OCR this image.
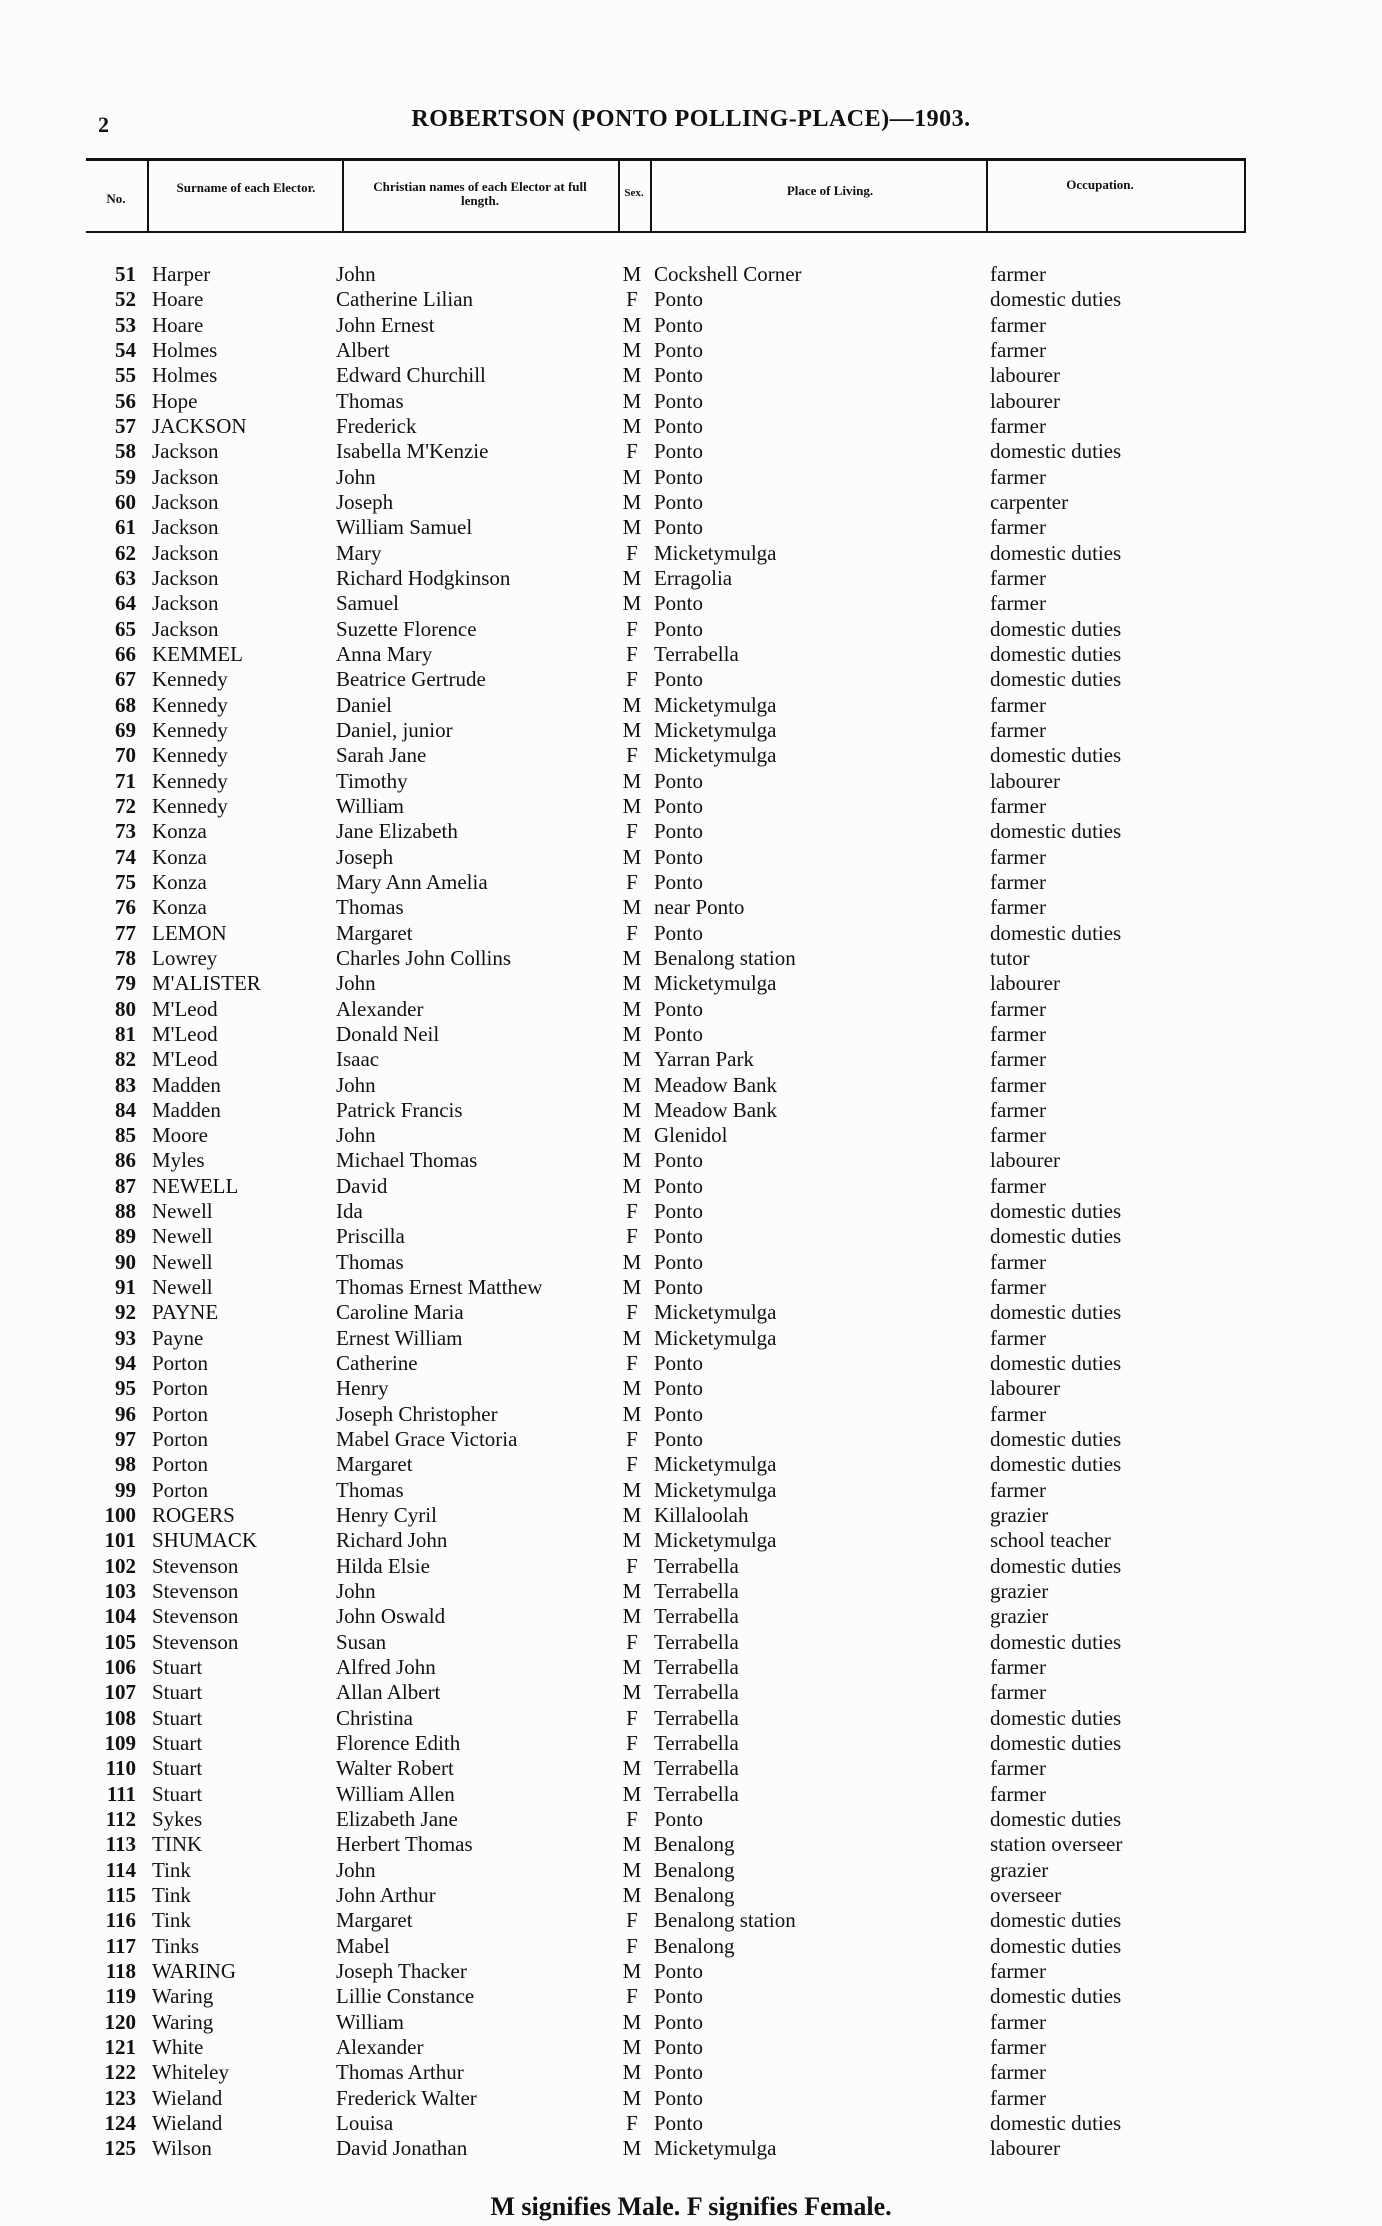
2	ROBERTSON (PONTO POLLING-PLACE)—1903.
No.
Surname of each Elector.	Christian names of each Elector at full length.	Sex.	Place of Living.	Occupation.
51 Harper	John	M Cockshell Corner	farmer
52 Hoare	Catherine Lilian	F Ponto	domestic duties
53 Hoare	John Ernest	M Ponto	farmer
54 Holmes	Albert	M Ponto	farmer
55 Holmes	Edward Churchill	M Ponto	labourer
56 Hope	Thomas	M Ponto	labourer
57 JACKSON	Frederick	M Ponto	farmer
58 Jackson	Isabella M'Kenzie	F Ponto	domestic duties
59 Jackson	John	M Ponto	farmer
60 Jackson	Joseph	M Ponto	carpenter
61 Jackson	William Samuel	M Ponto	farmer
62 Jackson	Mary	F Micketymulga	domestic duties
63 Jackson	Richard Hodgkinson	M Erragolia	farmer
64 Jackson	Samuel	M Ponto	farmer
65 Jackson	Suzette Florence	F Ponto	domestic duties
66 KEMMEL	Anna Mary	F Terrabella	domestic duties
67 Kennedy	Beatrice Gertrude	F Ponto	domestic duties
68 Kennedy	Daniel	M Micketymulga	farmer
69 Kennedy	Daniel, junior	M Micketymulga	farmer
70 Kennedy	Sarah Jane	F Micketymulga	domestic duties
71 Kennedy	Timothy	M Ponto	labourer
72 Kennedy	William	M Ponto	farmer
73 Konza	Jane Elizabeth	F Ponto	domestic duties
74 Konza	Joseph	M Ponto	farmer
75 Konza	Mary Ann Amelia	F Ponto	farmer
76 Konza	Thomas	M near Ponto	farmer
77 LEMON	Margaret	F Ponto	domestic duties
78 Lowrey	Charles John Collins	M Benalong station	tutor
79 M'ALISTER	John	M Micketymulga	labourer
80 M'Leod	Alexander	M Ponto	farmer
81 M'Leod	Donald Neil	M Ponto	farmer
82 M'Leod	Isaac	M Yarran Park	farmer
83 Madden	John	M Meadow Bank	farmer
84 Madden	Patrick Francis	M Meadow Bank	farmer
85 Moore	John	M Glenidol	farmer
86 Myles	Michael Thomas	M Ponto	labourer
87 NEWELL	David	M Ponto	farmer
88 Newell	Ida	F Ponto	domestic duties
89 Newell	Priscilla	F Ponto	domestic duties
90 Newell	Thomas	M Ponto	farmer
91 Newell	Thomas Ernest Matthew	M Ponto	farmer
92 PAYNE	Caroline Maria	F Micketymulga	domestic duties
93 Payne	Ernest William	M Micketymulga	farmer
94 Porton	Catherine	F Ponto	domestic duties
95 Porton	Henry	M Ponto	labourer
96 Porton	Joseph Christopher	M Ponto	farmer
97 Porton	Mabel Grace Victoria	F Ponto	domestic duties
98 Porton	Margaret	F Micketymulga	domestic duties
99 Porton	Thomas	M Micketymulga	farmer
100 ROGERS	Henry Cyril	M Killaloolah	grazier
101 SHUMACK	Richard John	M Micketymulga	school teacher
102 Stevenson	Hilda Elsie	F Terrabella	domestic duties
103 Stevenson	John	M Terrabella	grazier
104 Stevenson	John Oswald	M Terrabella	grazier
105 Stevenson	Susan	F Terrabella	domestic duties
106 Stuart	Alfred John	M Terrabella	farmer
107 Stuart	Allan Albert	M Terrabella	farmer
108 Stuart	Christina	F Terrabella	domestic duties
109 Stuart	Florence Edith	F Terrabella	domestic duties
110 Stuart	Walter Robert	M Terrabella	farmer
111 Stuart	William Allen	M Terrabella	farmer
112 Sykes	Elizabeth Jane	F Ponto	domestic duties
113 TINK	Herbert Thomas	M Benalong	station overseer
114 Tink	John	M Benalong	grazier
115 Tink	John Arthur	M Benalong	overseer
116 Tink	Margaret	F Benalong station	domestic duties
117 Tinks	Mabel	F Benalong	domestic duties
118 WARING	Joseph Thacker	M Ponto	farmer
119 Waring	Lillie Constance	F Ponto	domestic duties
120 Waring	William	M Ponto	farmer
121 White	Alexander	M Ponto	farmer
122 Whiteley	Thomas Arthur	M Ponto	farmer
123 Wieland	Frederick Walter	M Ponto	farmer
124 Wieland	Louisa	F Ponto	domestic duties
125 Wilson	David Jonathan	M Micketymulga	labourer
M signifies Male. F signifies Female.
